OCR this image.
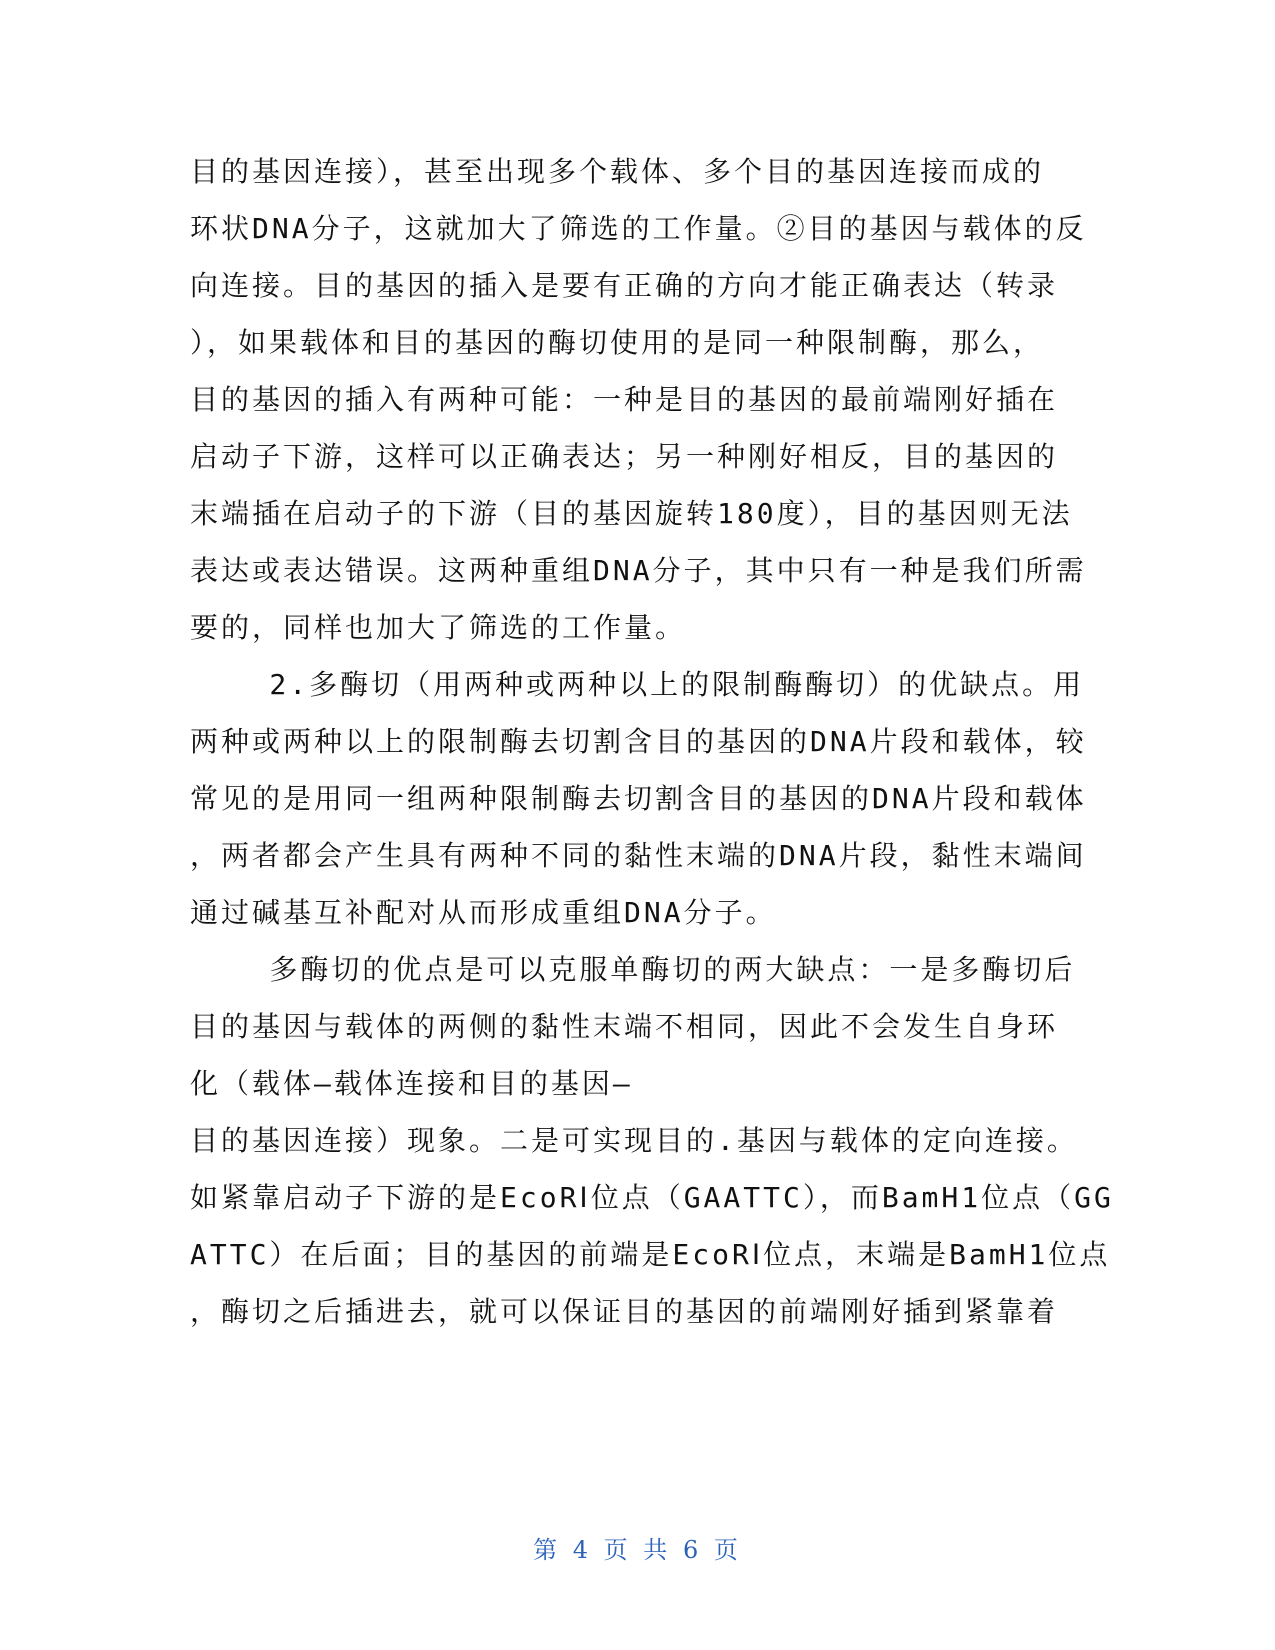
目的基因连接），甚至出现多个载体、多个目的基因连接而成的
环状DNA分子，这就加大了筛选的工作量。②目的基因与载体的反
向连接。目的基因的插入是要有正确的方向才能正确表达（转录
），如果载体和目的基因的酶切使用的是同一种限制酶，那么，
目的基因的插入有两种可能：一种是目的基因的最前端刚好插在
启动子下游，这样可以正确表达；另一种刚好相反，目的基因的
末端插在启动子的下游（目的基因旋转180度），目的基因则无法
表达或表达错误。这两种重组DNA分子，其中只有一种是我们所需
要的，同样也加大了筛选的工作量。
2.多酶切（用两种或两种以上的限制酶酶切）的优缺点。用
两种或两种以上的限制酶去切割含目的基因的DNA片段和载体，较
常见的是用同一组两种限制酶去切割含目的基因的DNA片段和载体
，两者都会产生具有两种不同的黏性末端的DNA片段，黏性末端间
通过碱基互补配对从而形成重组DNA分子。
多酶切的优点是可以克服单酶切的两大缺点：一是多酶切后
目的基因与载体的两侧的黏性末端不相同，因此不会发生自身环
化（载体—载体连接和目的基因—
目的基因连接）现象。二是可实现目的.基因与载体的定向连接。
如紧靠启动子下游的是EcoRⅠ位点（GAATTC），而BamH1位点（GG
ATTC）在后面；目的基因的前端是EcoRⅠ位点，末端是BamH1位点
，酶切之后插进去，就可以保证目的基因的前端刚好插到紧靠着
第 4 页 共 6 页
